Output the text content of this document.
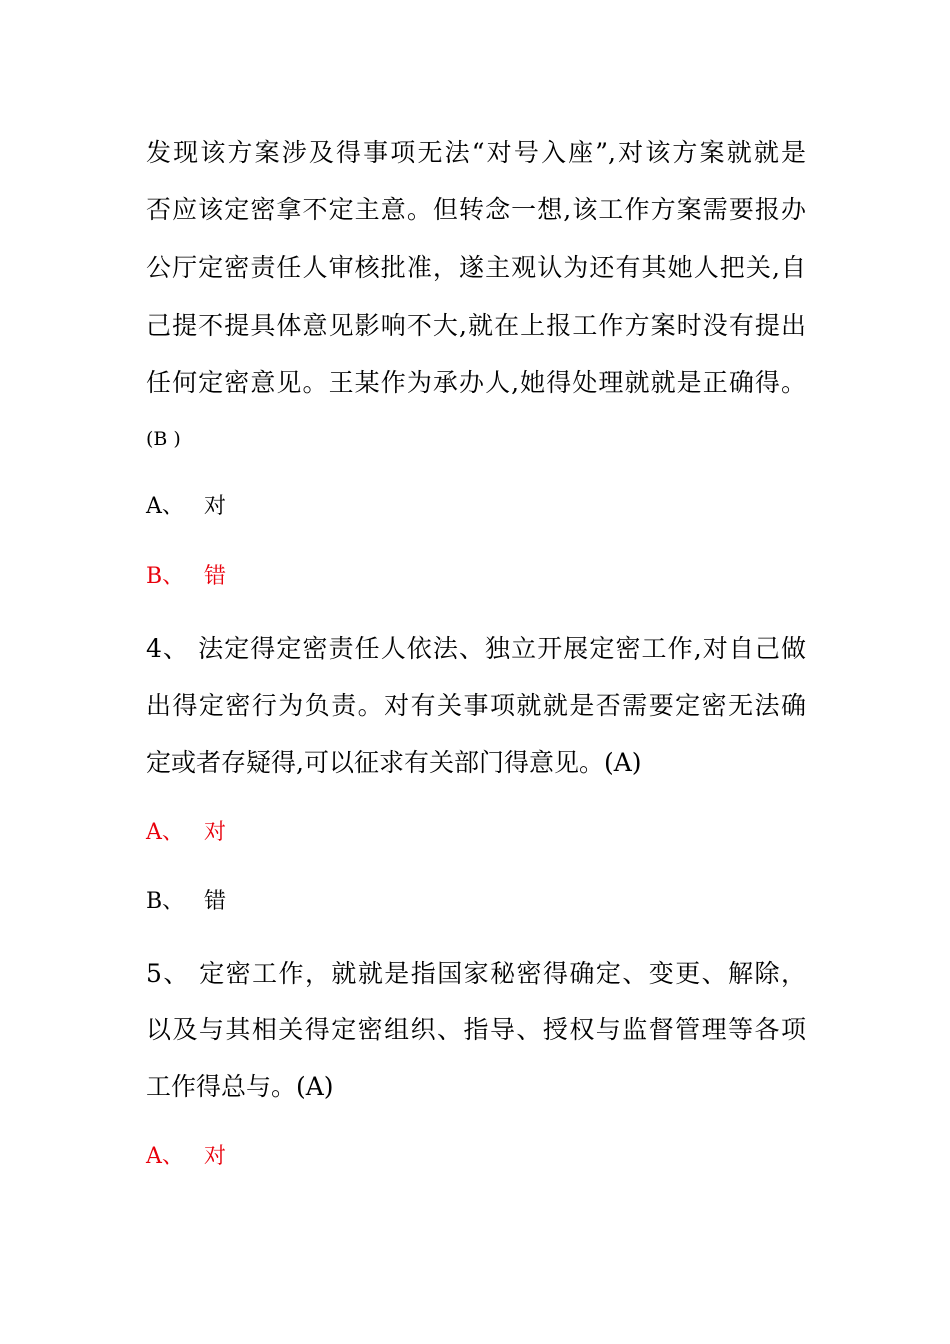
发现该方案涉及得事项无法“对号入座”,对该方案就就是
否应该定密拿不定主意。但转念一想,该工作方案需要报办
公厅定密责任人审核批准，遂主观认为还有其她人把关,自
己提不提具体意见影响不大,就在上报工作方案时没有提出
任何定密意见。王某作为承办人,她得处理就就是正确得。
(B )
A、 对
B、 错
4、 法定得定密责任人依法、独立开展定密工作,对自己做
出得定密行为负责。对有关事项就就是否需要定密无法确
定或者存疑得,可以征求有关部门得意见。(A)
A、 对
B、 错
5、 定密工作，就就是指国家秘密得确定、变更、解除，
以及与其相关得定密组织、指导、授权与监督管理等各项
工作得总与。(A)
A、 对
